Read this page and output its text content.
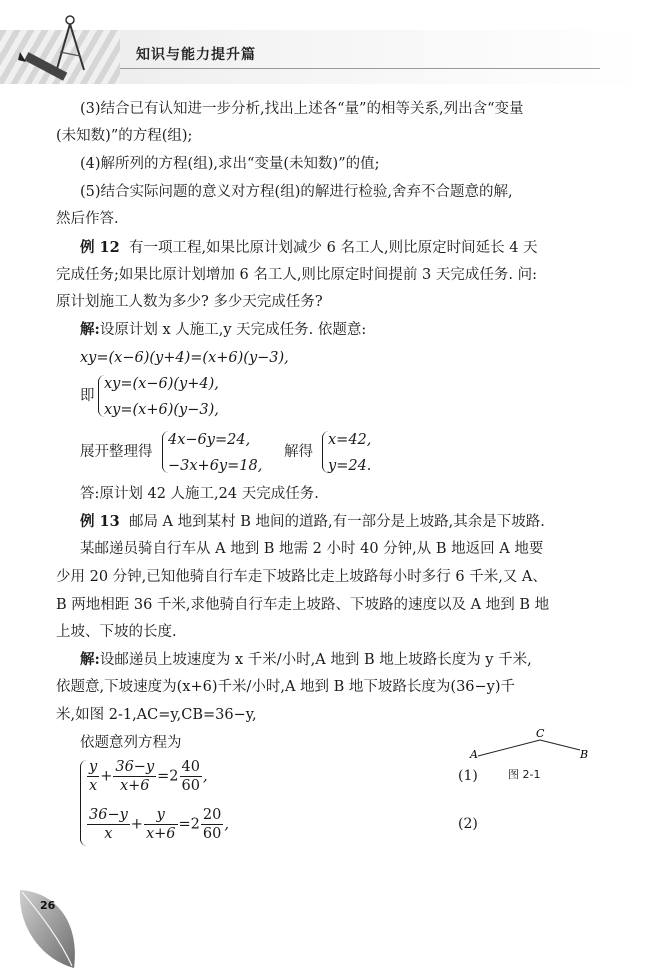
知识与能力提升篇
(3)结合已有认知进一步分析,找出上述各“量”的相等关系,列出含“变量
(未知数)”的方程(组);
(4)解所列的方程(组),求出“变量(未知数)”的值;
(5)结合实际问题的意义对方程(组)的解进行检验,舍弃不合题意的解,
然后作答.
例 12 有一项工程,如果比原计划减少 6 名工人,则比原定时间延长 4 天
完成任务;如果比原计划增加 6 名工人,则比原定时间提前 3 天完成任务. 问:
原计划施工人数为多少? 多少天完成任务?
解:设原计划 x 人施工,y 天完成任务. 依题意:
xy=(x−6)(y+4)=(x+6)(y−3),
即
xy=(x−6)(y+4),
xy=(x+6)(y−3),
展开整理得
4x−6y=24,
−3x+6y=18,
解得
x=42,
y=24.
答:原计划 42 人施工,24 天完成任务.
例 13 邮局 A 地到某村 B 地间的道路,有一部分是上坡路,其余是下坡路.
某邮递员骑自行车从 A 地到 B 地需 2 小时 40 分钟,从 B 地返回 A 地要
少用 20 分钟,已知他骑自行车走下坡路比走上坡路每小时多行 6 千米,又 A、
B 两地相距 36 千米,求他骑自行车走上坡路、下坡路的速度以及 A 地到 B 地
上坡、下坡的长度.
解:设邮递员上坡速度为 x 千米/小时,A 地到 B 地上坡路长度为 y 千米,
依题意,下坡速度为(x+6)千米/小时,A 地到 B 地下坡路长度为(36−y)千
米,如图 2-1,AC=y,CB=36−y,
依题意列方程为
A
C
B
图 2-1
$\frac{y}{x} + \frac{36-y}{x+6} =2 \frac{40}{60}$ ,	(1)
$\frac{36-y}{x} + \frac{y}{x+6} =2 \frac{20}{60}$ ,	(2)
26
